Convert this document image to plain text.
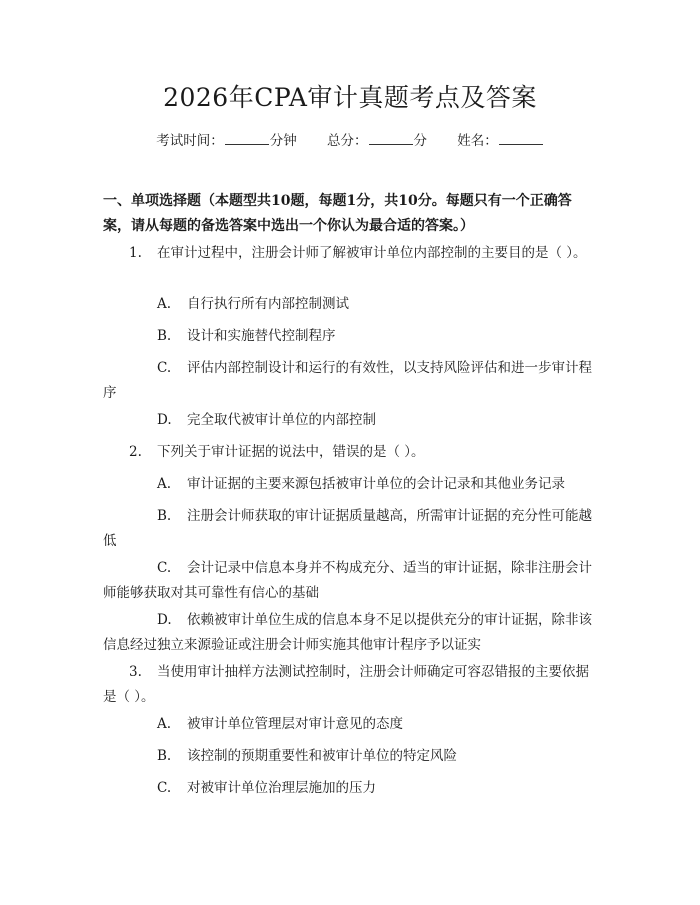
2026年CPA审计真题考点及答案
考试时间：	分钟 总分：	分 姓名：
一、单项选择题（本题型共10题，每题1分，共10分。每题只有一个正确答案，请从每题的备选答案中选出一个你认为最合适的答案。）
1. 在审计过程中，注册会计师了解被审计单位内部控制的主要目的是（ ）。
A. 自行执行所有内部控制测试
B. 设计和实施替代控制程序
C. 评估内部控制设计和运行的有效性，以支持风险评估和进一步审计程序
D. 完全取代被审计单位的内部控制
2. 下列关于审计证据的说法中，错误的是（ ）。
A. 审计证据的主要来源包括被审计单位的会计记录和其他业务记录
B. 注册会计师获取的审计证据质量越高，所需审计证据的充分性可能越低
C. 会计记录中信息本身并不构成充分、适当的审计证据，除非注册会计师能够获取对其可靠性有信心的基础
D. 依赖被审计单位生成的信息本身不足以提供充分的审计证据，除非该信息经过独立来源验证或注册会计师实施其他审计程序予以证实
3. 当使用审计抽样方法测试控制时，注册会计师确定可容忍错报的主要依据是（ ）。
A. 被审计单位管理层对审计意见的态度
B. 该控制的预期重要性和被审计单位的特定风险
C. 对被审计单位治理层施加的压力
